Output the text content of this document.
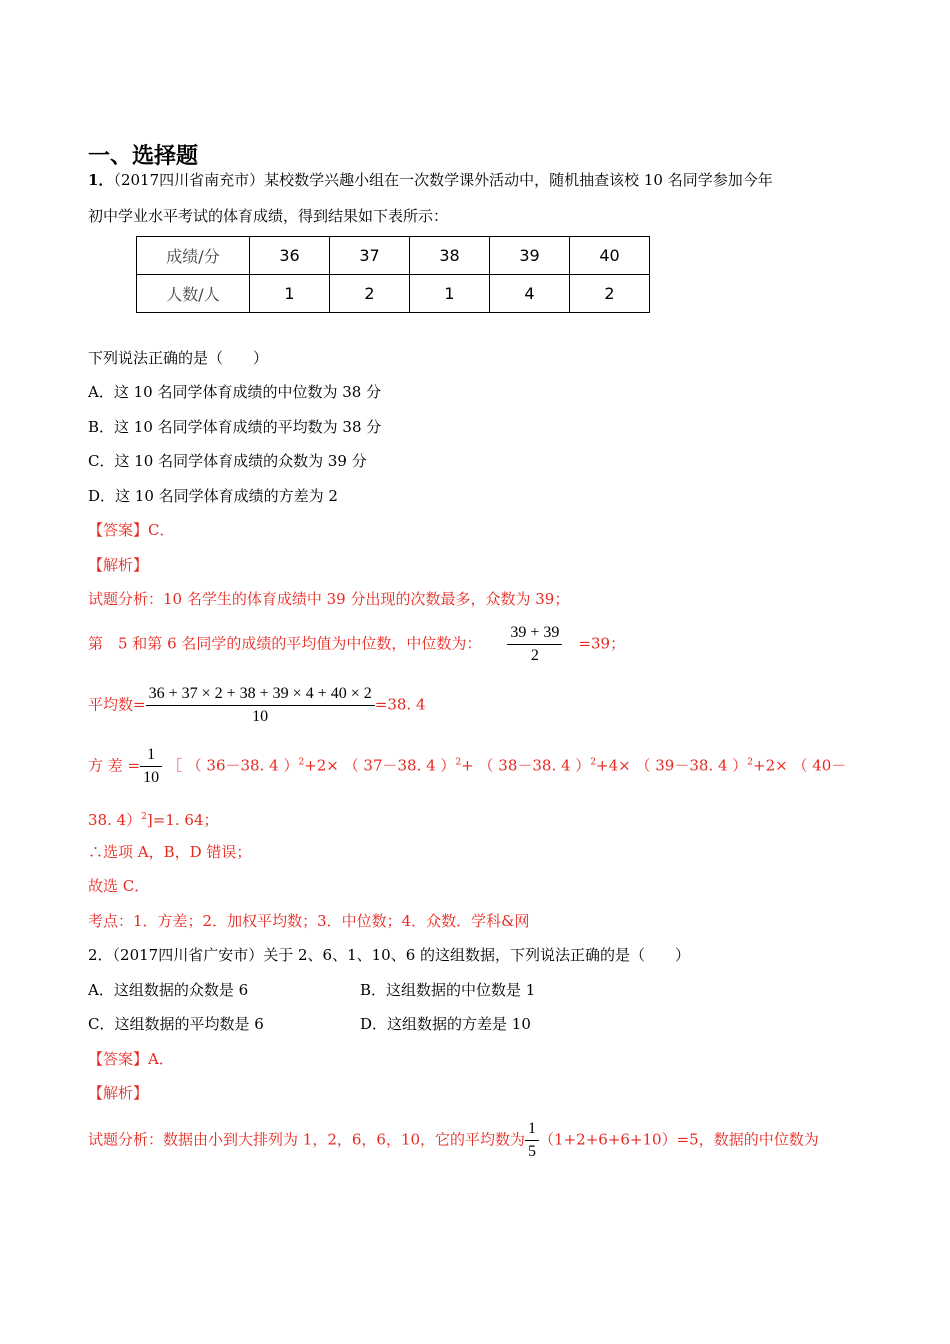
一、选择题
1．（2017四川省南充市）某校数学兴趣小组在一次数学课外活动中，随机抽查该校 10 名同学参加今年
初中学业水平考试的体育成绩，得到结果如下表所示：
成绩/分	36	37	38	39	40
人数/人	1	2	1	4	2
下列说法正确的是（　　）
A．这 10 名同学体育成绩的中位数为 38 分
B．这 10 名同学体育成绩的平均数为 38 分
C．这 10 名同学体育成绩的众数为 39 分
D．这 10 名同学体育成绩的方差为 2
【答案】C．
【解析】
试题分析：10 名学生的体育成绩中 39 分出现的次数最多，众数为 39；
第　5 和第 6 名同学的成绩的平均值为中位数，中位数为： $\frac{39 + 39}{2} =39$；
平均数= $\frac{36 + 37 \times 2 + 38 + 39 \times 4 + 40 \times 2}{10} =38$. 4
方 差 = $\frac{1}{10}$ ［ （ 36－38. 4 ）$^2$+2× （ 37－38. 4 ）$^2$+ （ 38－38. 4 ）$^2$+4× （ 39－38. 4 ）$^2$+2× （ 40－
38. 4）$^2$]=1. 64；
∴选项 A，B，D 错误；
故选 C．
考点：1．方差；2．加权平均数；3．中位数；4．众数．学科&网
2．（2017四川省广安市）关于 2、6、1、10、6 的这组数据，下列说法正确的是（　　）
A．这组数据的众数是 6	B．这组数据的中位数是 1
C．这组数据的平均数是 6	D．这组数据的方差是 10
【答案】A．
【解析】
试题分析：数据由小到大排列为 1，2，6，6，10，它的平均数为 $\frac{1}{5} (1+2+6+6+10)=5$，数据的中位数为
